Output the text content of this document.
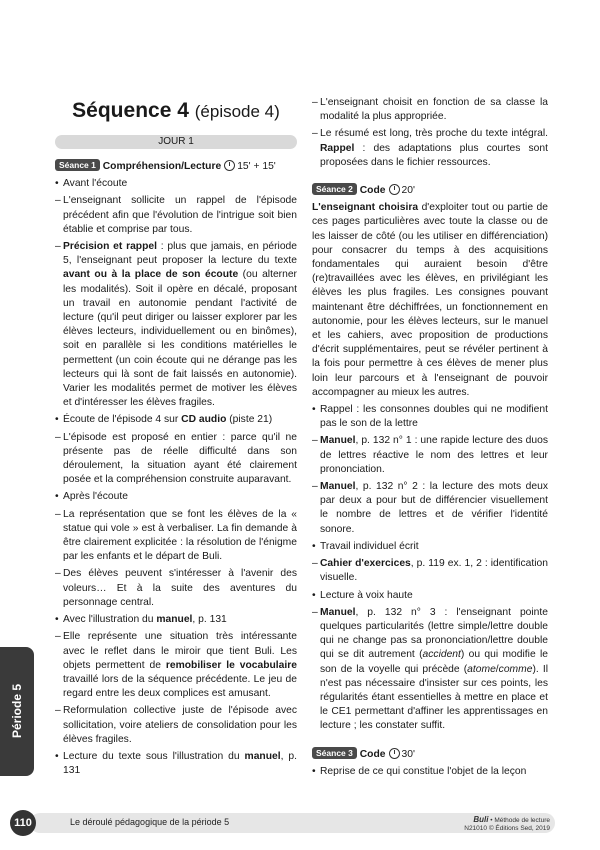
Séquence 4 (épisode 4)
JOUR 1
Séance 1 Compréhension/Lecture 15' + 15'

• Avant l'écoute

– L'enseignant sollicite un rappel de l'épisode précédent afin que l'évolution de l'intrigue soit bien établie et comprise par tous.

– Précision et rappel : plus que jamais, en période 5, l'enseignant peut proposer la lecture du texte avant ou à la place de son écoute (ou alterner les modalités). Soit il opère en décalé, proposant un travail en autonomie pendant l'activité de lecture (qu'il peut diriger ou laisser explorer par les élèves lecteurs, individuellement ou en binômes), soit en parallèle si les conditions matérielles le permettent (un coin écoute qui ne dérange pas les lecteurs qui là sont de fait laissés en autonomie). Varier les modalités permet de motiver les élèves et d'intéresser les élèves fragiles.

• Écoute de l'épisode 4 sur CD audio (piste 21)

– L'épisode est proposé en entier : parce qu'il ne présente pas de réelle difficulté dans son déroulement, la situation ayant été clairement posée et la compréhension construite auparavant.

• Après l'écoute

– La représentation que se font les élèves de la « statue qui vole » est à verbaliser. La fin demande à être clairement explicitée : la résolution de l'énigme par les enfants et le départ de Buli.

– Des élèves peuvent s'intéresser à l'avenir des voleurs… Et à la suite des aventures du personnage central.

• Avec l'illustration du manuel, p. 131

– Elle représente une situation très intéressante avec le reflet dans le miroir que tient Buli. Les objets permettent de remobiliser le vocabulaire travaillé lors de la séquence précédente. Le jeu de regard entre les deux complices est amusant.

– Reformulation collective juste de l'épisode avec sollicitation, voire ateliers de consolidation pour les élèves fragiles.

• Lecture du texte sous l'illustration du manuel, p. 131

– L'enseignant choisit en fonction de sa classe la modalité la plus appropriée.

– Le résumé est long, très proche du texte intégral. Rappel : des adaptations plus courtes sont proposées dans le fichier ressources.

Séance 2 Code 20'

L'enseignant choisira d'exploiter tout ou partie de ces pages particulières avec toute la classe ou de les laisser de côté (ou les utiliser en différenciation) pour consacrer du temps à des acquisitions fondamentales qui auraient besoin d'être (re)travaillées avec les élèves, en privilégiant les élèves les plus fragiles. Les consignes pouvant maintenant être déchiffrées, un fonctionnement en autonomie, pour les élèves lecteurs, sur le manuel et les cahiers, avec proposition de productions d'écrit supplémentaires, peut se révéler pertinent à la fois pour permettre à ces élèves de mener plus loin leur parcours et à l'enseignant de pouvoir accompagner au mieux les autres.

• Rappel : les consonnes doubles qui ne modifient pas le son de la lettre

– Manuel, p. 132 n° 1 : une rapide lecture des duos de lettres réactive le nom des lettres et leur prononciation.

– Manuel, p. 132 n° 2 : la lecture des mots deux par deux a pour but de différencier visuellement le nombre de lettres et de vérifier l'identité sonore.

• Travail individuel écrit

– Cahier d'exercices, p. 119 ex. 1, 2 : identification visuelle.

• Lecture à voix haute

– Manuel, p. 132 n° 3 : l'enseignant pointe quelques particularités (lettre simple/lettre double qui ne change pas sa prononciation/lettre double qui se dit autrement (accident) ou qui modifie le son de la voyelle qui précède (atome/comme). Il n'est pas nécessaire d'insister sur ces points, les régularités étant essentielles à mettre en place et le CE1 permettant d'affiner les apprentissages en lecture ; les constater suffit.

Séance 3 Code 30'

• Reprise de ce qui constitue l'objet de la leçon

Période 5
110	Le déroulé pédagogique de la période 5	Buli • Méthode de lecture
N21010 © Éditions Sed, 2019
